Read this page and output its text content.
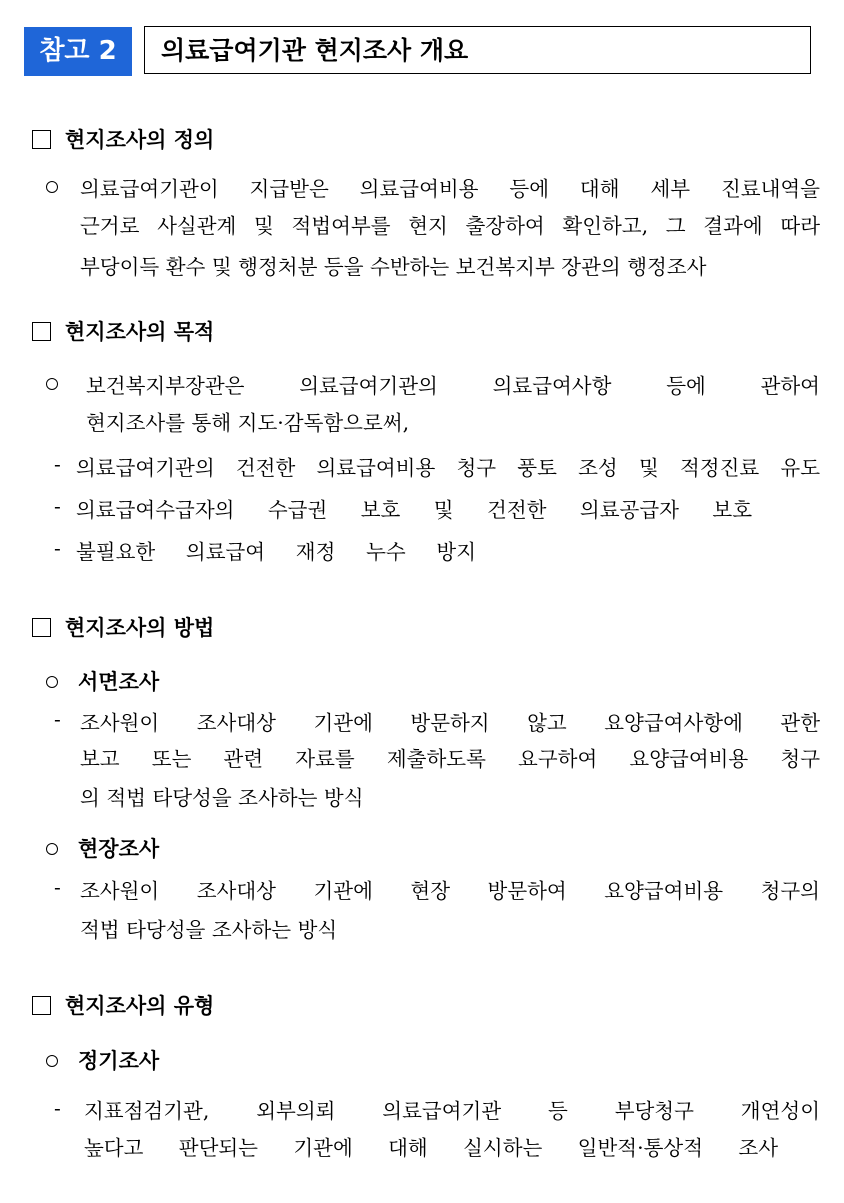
참고 2	의료급여기관 현지조사 개요
현지조사의 정의
의료급여기관이 지급받은 의료급여비용 등에 대해 세부 진료내역을
근거로 사실관계 및 적법여부를 현지 출장하여 확인하고, 그 결과에 따라
부당이득 환수 및 행정처분 등을 수반하는 보건복지부 장관의 행정조사
현지조사의 목적
보건복지부장관은 의료급여기관의 의료급여사항 등에 관하여
현지조사를 통해 지도·감독함으로써,
- 의료급여기관의 건전한 의료급여비용 청구 풍토 조성 및 적정진료 유도
- 의료급여수급자의 수급권 보호 및 건전한 의료공급자 보호
- 불필요한 의료급여 재정 누수 방지
현지조사의 방법
서면조사
- 조사원이 조사대상 기관에 방문하지 않고 요양급여사항에 관한
보고 또는 관련 자료를 제출하도록 요구하여 요양급여비용 청구
의 적법 타당성을 조사하는 방식
현장조사
- 조사원이 조사대상 기관에 현장 방문하여 요양급여비용 청구의
적법 타당성을 조사하는 방식
현지조사의 유형
정기조사
- 지표점검기관, 외부의뢰 의료급여기관 등 부당청구 개연성이
높다고 판단되는 기관에 대해 실시하는 일반적·통상적 조사
